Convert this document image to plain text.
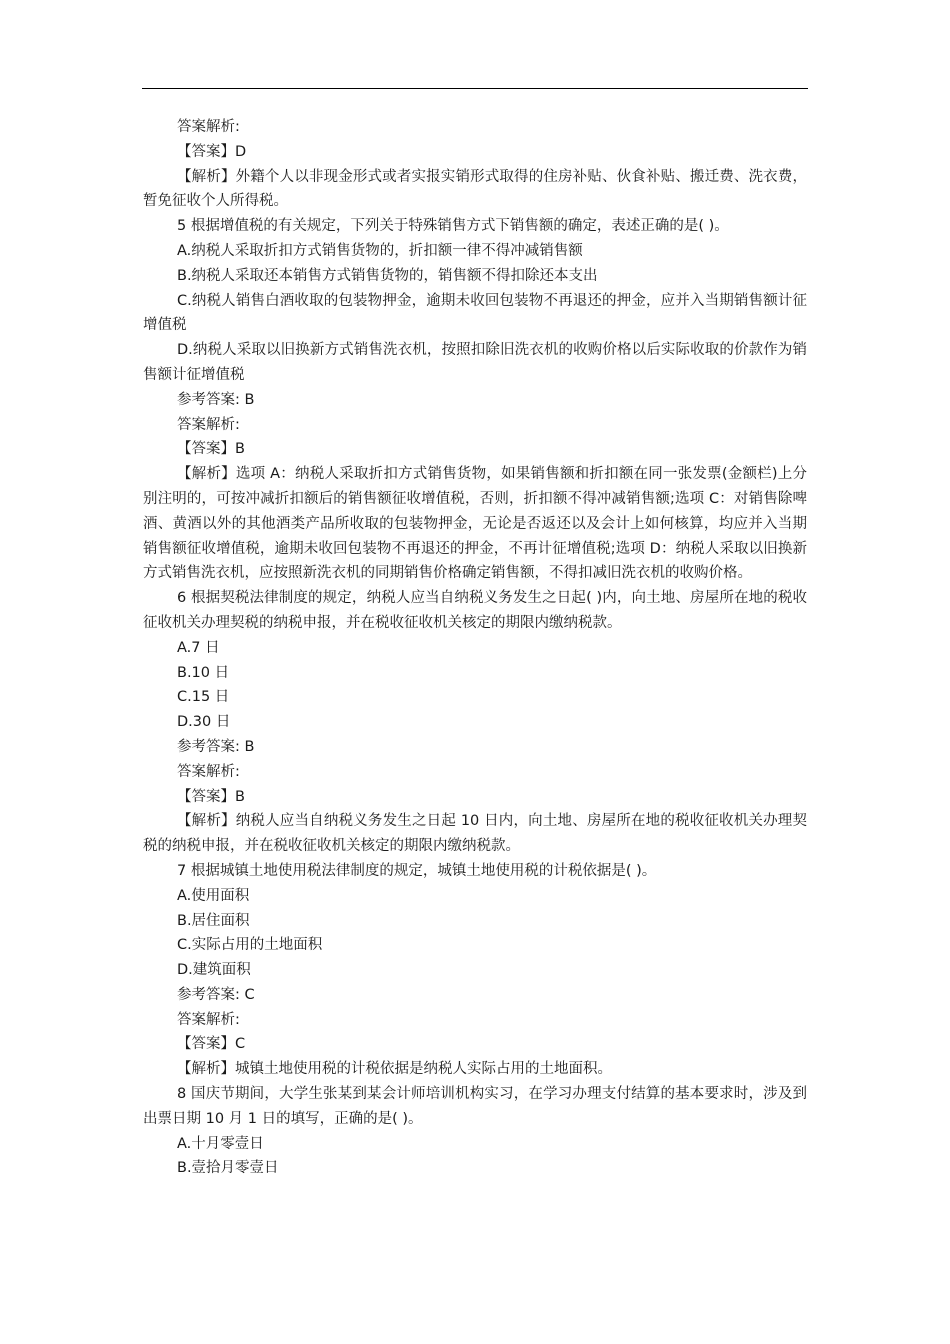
答案解析:

【答案】D

【解析】外籍个人以非现金形式或者实报实销形式取得的住房补贴、伙食补贴、搬迁费、洗衣费，暂免征收个人所得税。

5 根据增值税的有关规定，下列关于特殊销售方式下销售额的确定，表述正确的是( )。

A.纳税人采取折扣方式销售货物的，折扣额一律不得冲减销售额

B.纳税人采取还本销售方式销售货物的，销售额不得扣除还本支出

C.纳税人销售白酒收取的包装物押金，逾期未收回包装物不再退还的押金，应并入当期销售额计征增值税

D.纳税人采取以旧换新方式销售洗衣机，按照扣除旧洗衣机的收购价格以后实际收取的价款作为销售额计征增值税

参考答案: B

答案解析:

【答案】B

【解析】选项 A：纳税人采取折扣方式销售货物，如果销售额和折扣额在同一张发票(金额栏)上分别注明的，可按冲减折扣额后的销售额征收增值税，否则，折扣额不得冲减销售额;选项 C：对销售除啤酒、黄酒以外的其他酒类产品所收取的包装物押金，无论是否返还以及会计上如何核算，均应并入当期销售额征收增值税，逾期未收回包装物不再退还的押金，不再计征增值税;选项 D：纳税人采取以旧换新方式销售洗衣机，应按照新洗衣机的同期销售价格确定销售额，不得扣减旧洗衣机的收购价格。

6 根据契税法律制度的规定，纳税人应当自纳税义务发生之日起( )内，向土地、房屋所在地的税收征收机关办理契税的纳税申报，并在税收征收机关核定的期限内缴纳税款。

A.7 日

B.10 日

C.15 日

D.30 日

参考答案: B

答案解析:

【答案】B

【解析】纳税人应当自纳税义务发生之日起 10 日内，向土地、房屋所在地的税收征收机关办理契税的纳税申报，并在税收征收机关核定的期限内缴纳税款。

7 根据城镇土地使用税法律制度的规定，城镇土地使用税的计税依据是( )。

A.使用面积

B.居住面积

C.实际占用的土地面积

D.建筑面积

参考答案: C

答案解析:

【答案】C

【解析】城镇土地使用税的计税依据是纳税人实际占用的土地面积。

8 国庆节期间，大学生张某到某会计师培训机构实习，在学习办理支付结算的基本要求时，涉及到出票日期 10 月 1 日的填写，正确的是( )。

A.十月零壹日

B.壹拾月零壹日
